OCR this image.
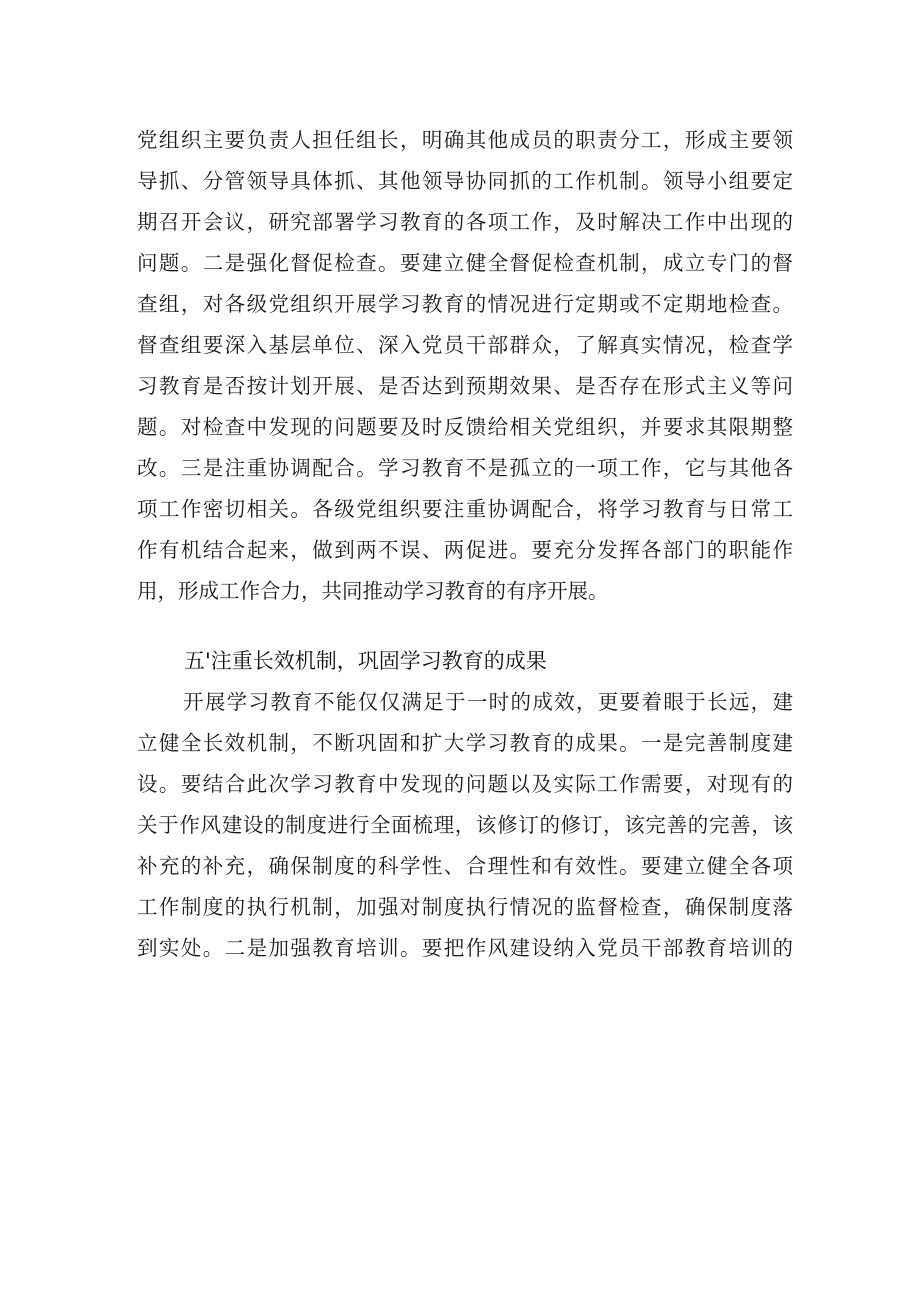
党组织主要负责人担任组长，明确其他成员的职责分工，形成主要领
导抓、分管领导具体抓、其他领导协同抓的工作机制。领导小组要定
期召开会议，研究部署学习教育的各项工作，及时解决工作中出现的
问题。二是强化督促检查。要建立健全督促检查机制，成立专门的督
查组，对各级党组织开展学习教育的情况进行定期或不定期地检查。
督查组要深入基层单位、深入党员干部群众，了解真实情况，检查学
习教育是否按计划开展、是否达到预期效果、是否存在形式主义等问
题。对检查中发现的问题要及时反馈给相关党组织，并要求其限期整
改。三是注重协调配合。学习教育不是孤立的一项工作，它与其他各
项工作密切相关。各级党组织要注重协调配合，将学习教育与日常工
作有机结合起来，做到两不误、两促进。要充分发挥各部门的职能作
用，形成工作合力，共同推动学习教育的有序开展。
五'注重长效机制，巩固学习教育的成果
开展学习教育不能仅仅满足于一时的成效，更要着眼于长远，建
立健全长效机制，不断巩固和扩大学习教育的成果。一是完善制度建
设。要结合此次学习教育中发现的问题以及实际工作需要，对现有的
关于作风建设的制度进行全面梳理，该修订的修订，该完善的完善，该
补充的补充，确保制度的科学性、合理性和有效性。要建立健全各项
工作制度的执行机制，加强对制度执行情况的监督检查，确保制度落
到实处。二是加强教育培训。要把作风建设纳入党员干部教育培训的
